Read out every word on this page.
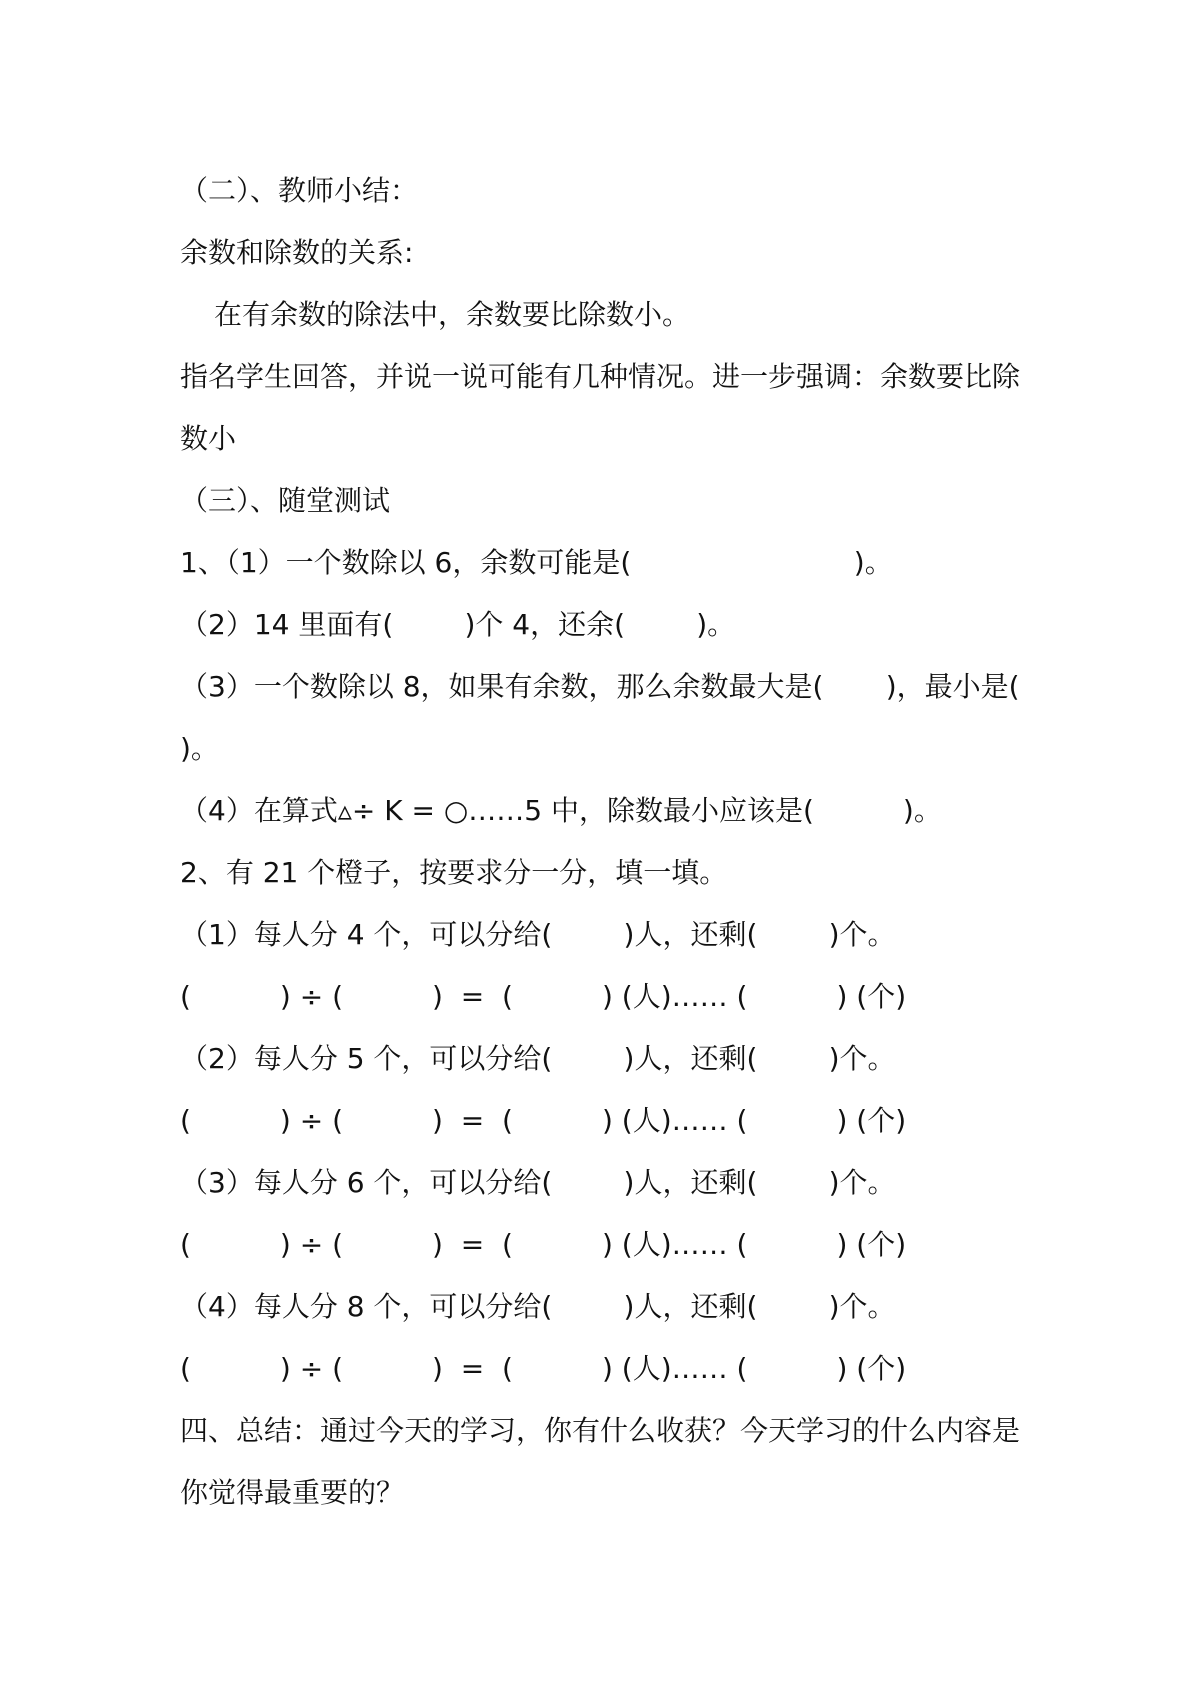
（二）、教师小结：
余数和除数的关系:
在有余数的除法中，余数要比除数小。
指名学生回答，并说一说可能有几种情况。进一步强调：余数要比除
数小
（三）、随堂测试
1、（1）一个数除以 6，余数可能是(                         )。
（2）14 里面有(        )个 4，还余(        )。
（3）一个数除以 8，如果有余数，那么余数最大是(       )，最小是(
)。
（4）在算式▵÷ K = ○……5 中，除数最小应该是(          )。
2、有 21 个橙子，按要求分一分，填一填。
（1）每人分 4 个，可以分给(        )人，还剩(        )个。
(          ) ÷ (          )  =  (          ) (人)…… (          ) (个)
（2）每人分 5 个，可以分给(        )人，还剩(        )个。
(          ) ÷ (          )  =  (          ) (人)…… (          ) (个)
（3）每人分 6 个，可以分给(        )人，还剩(        )个。
(          ) ÷ (          )  =  (          ) (人)…… (          ) (个)
（4）每人分 8 个，可以分给(        )人，还剩(        )个。
(          ) ÷ (          )  =  (          ) (人)…… (          ) (个)
四、总结：通过今天的学习，你有什么收获？今天学习的什么内容是
你觉得最重要的？
